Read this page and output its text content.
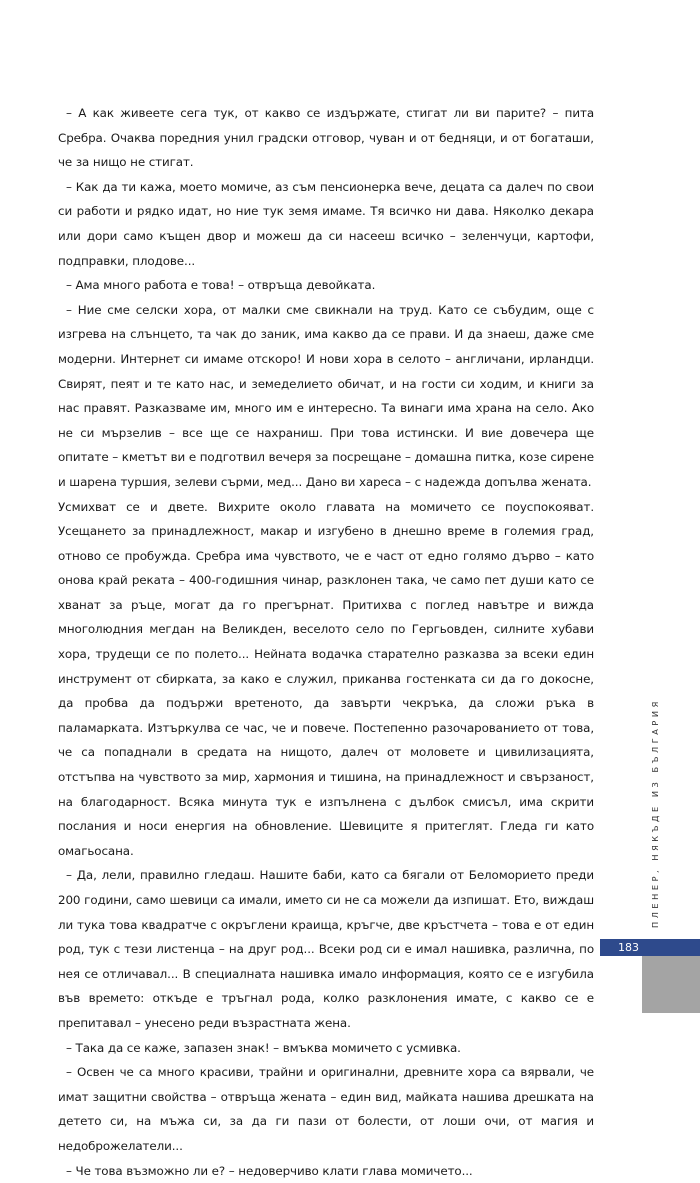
– А как живеете сега тук, от какво се издържате, стигат ли ви парите? – пита Сребра. Очаква поредния унил градски отговор, чуван и от бедняци, и от богаташи, че за нищо не стигат.

– Как да ти кажа, моето момиче, аз съм пенсионерка вече, децата са далеч по свои си работи и рядко идат, но ние тук земя имаме. Тя всичко ни дава. Няколко декара или дори само къщен двор и можеш да си насееш всичко – зеленчуци, картофи, подправки, плодове...

– Ама много работа е това! – отвръща девойката.

– Ние сме селски хора, от малки сме свикнали на труд. Като се събудим, още с изгрева на слънцето, та чак до заник, има какво да се прави. И да знаеш, даже сме модерни. Интернет си имаме отскоро! И нови хора в селото – англичани, ирландци. Свирят, пеят и те като нас, и земеделието обичат, и на гости си ходим, и книги за нас правят. Разказваме им, много им е интересно. Та винаги има храна на село. Ако не си мързелив – все ще се нахраниш. При това истински. И вие довечера ще опитате – кметът ви е подготвил вечеря за посрещане – домашна питка, козе сирене и шарена туршия, зелеви сърми, мед... Дано ви хареса – с надежда допълва жената.

Усмихват се и двете. Вихрите около главата на момичето се поуспокояват. Усещането за принадлежност, макар и изгубено в днешно време в големия град, отново се пробужда. Сребра има чувството, че е част от едно голямо дърво – като онова край реката – 400-годишния чинар, разклонен така, че само пет души като се хванат за ръце, могат да го прегърнат. Притихва с поглед навътре и вижда многолюдния мегдан на Великден, веселото село по Гергьовден, силните хубави хора, трудещи се по полето... Нейната водачка старателно разказва за всеки един инструмент от сбирката, за како е служил, приканва гостенката си да го докосне, да пробва да подържи вретеното, да завърти чекръка, да сложи ръка в паламарката. Изтъркулва се час, че и повече. Постепенно разочарованието от това, че са попаднали в средата на нищото, далеч от моловете и цивилизацията, отстъпва на чувството за мир, хармония и тишина, на принадлежност и свързаност, на благодарност. Всяка минута тук е изпълнена с дълбок смисъл, има скрити послания и носи енергия на обновление. Шевиците я притеглят. Гледа ги като омагьосана.

– Да, лели, правилно гледаш. Нашите баби, като са бягали от Беломорието преди 200 години, само шевици са имали, името си не са можели да изпишат. Ето, виждаш ли тука това квадратче с окръглени краища, кръгче, две кръстчета – това е от един род, тук с тези листенца – на друг род... Всеки род си е имал нашивка, различна, по нея се отличавал... В специалната нашивка имало информация, която се е изгубила във времето: откъде е тръгнал рода, колко разклонения имате, с какво се е препитавал – унесено реди възрастната жена.

– Така да се каже, запазен знак! – вмъква момичето с усмивка.

– Освен че са много красиви, трайни и оригинални, древните хора са вярвали, че имат защитни свойства – отвръща жената – един вид, майката нашива дрешката на детето си, на мъжа си, за да ги пази от болести, от лоши очи, от магия и недоброжелатели...

– Че това възможно ли е? – недоверчиво клати глава момичето...

ПЛЕНЕР, НЯКЪДЕ ИЗ БЪЛГАРИЯ
183
